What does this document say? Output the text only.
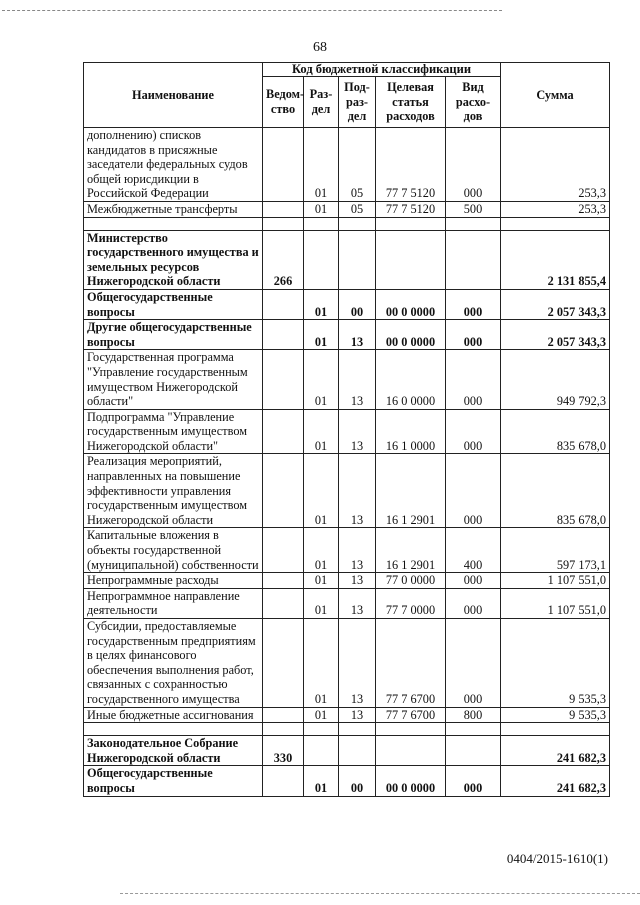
68
Наименование	Код бюджетной классификации					Сумма
	Ведом-ство	Раз-дел	Под-раз-дел	Целевая статья расходов	Вид расхо-дов	
дополнению) списков кандидатов в присяжные заседатели федеральных судов общей юрисдикции в Российской Федерации		01	05	77 7 5120	000	253,3
Межбюджетные трансферты		01	05	77 7 5120	500	253,3

Министерство государственного имущества и земельных ресурсов Нижегородской области	266					2 131 855,4
Общегосударственные вопросы		01	00	00 0 0000	000	2 057 343,3
Другие общегосударственные вопросы		01	13	00 0 0000	000	2 057 343,3
Государственная программа "Управление государственным имуществом Нижегородской области"		01	13	16 0 0000	000	949 792,3
Подпрограмма "Управление государственным имуществом Нижегородской области"		01	13	16 1 0000	000	835 678,0
Реализация мероприятий, направленных на повышение эффективности управления государственным имуществом Нижегородской области		01	13	16 1 2901	000	835 678,0
Капитальные вложения в объекты государственной (муниципальной) собственности		01	13	16 1 2901	400	597 173,1
Непрограммные расходы		01	13	77 0 0000	000	1 107 551,0
Непрограммное направление деятельности		01	13	77 7 0000	000	1 107 551,0
Субсидии, предоставляемые государственным предприятиям в целях финансового обеспечения выполнения работ, связанных с сохранностью государственного имущества		01	13	77 7 6700	000	9 535,3
Иные бюджетные ассигнования		01	13	77 7 6700	800	9 535,3

Законодательное Собрание Нижегородской области	330					241 682,3
Общегосударственные вопросы		01	00	00 0 0000	000	241 682,3
0404/2015-1610(1)
